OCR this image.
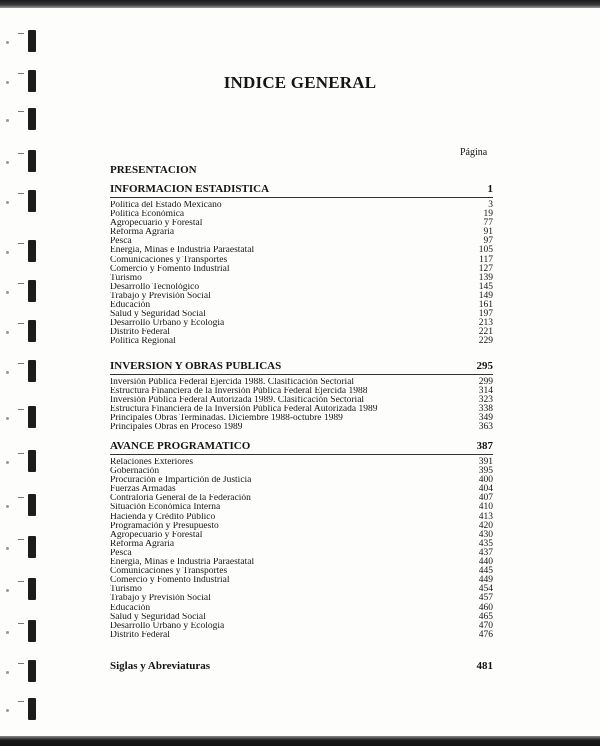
INDICE GENERAL
Página
PRESENTACION
INFORMACION ESTADISTICA	1
Política del Estado Mexicano	3
Política Económica	19
Agropecuario y Forestal	77
Reforma Agraria	91
Pesca	97
Energía, Minas e Industria Paraestatal	105
Comunicaciones y Transportes	117
Comercio y Fomento Industrial	127
Turismo	139
Desarrollo Tecnológico	145
Trabajo y Previsión Social	149
Educación	161
Salud y Seguridad Social	197
Desarrollo Urbano y Ecología	213
Distrito Federal	221
Política Regional	229
INVERSION Y OBRAS PUBLICAS	295
Inversión Pública Federal Ejercida 1988. Clasificación Sectorial	299
Estructura Financiera de la Inversión Pública Federal Ejercida 1988	314
Inversión Pública Federal Autorizada 1989. Clasificación Sectorial	323
Estructura Financiera de la Inversión Pública Federal Autorizada 1989	338
Principales Obras Terminadas. Diciembre 1988-octubre 1989	349
Principales Obras en Proceso 1989	363
AVANCE PROGRAMATICO	387
Relaciones Exteriores	391
Gobernación	395
Procuración e Impartición de Justicia	400
Fuerzas Armadas	404
Contraloría General de la Federación	407
Situación Económica Interna	410
Hacienda y Crédito Público	413
Programación y Presupuesto	420
Agropecuario y Forestal	430
Reforma Agraria	435
Pesca	437
Energía, Minas e Industria Paraestatal	440
Comunicaciones y Transportes	445
Comercio y Fomento Industrial	449
Turismo	454
Trabajo y Previsión Social	457
Educación	460
Salud y Seguridad Social	465
Desarrollo Urbano y Ecología	470
Distrito Federal	476
Siglas y Abreviaturas	481
